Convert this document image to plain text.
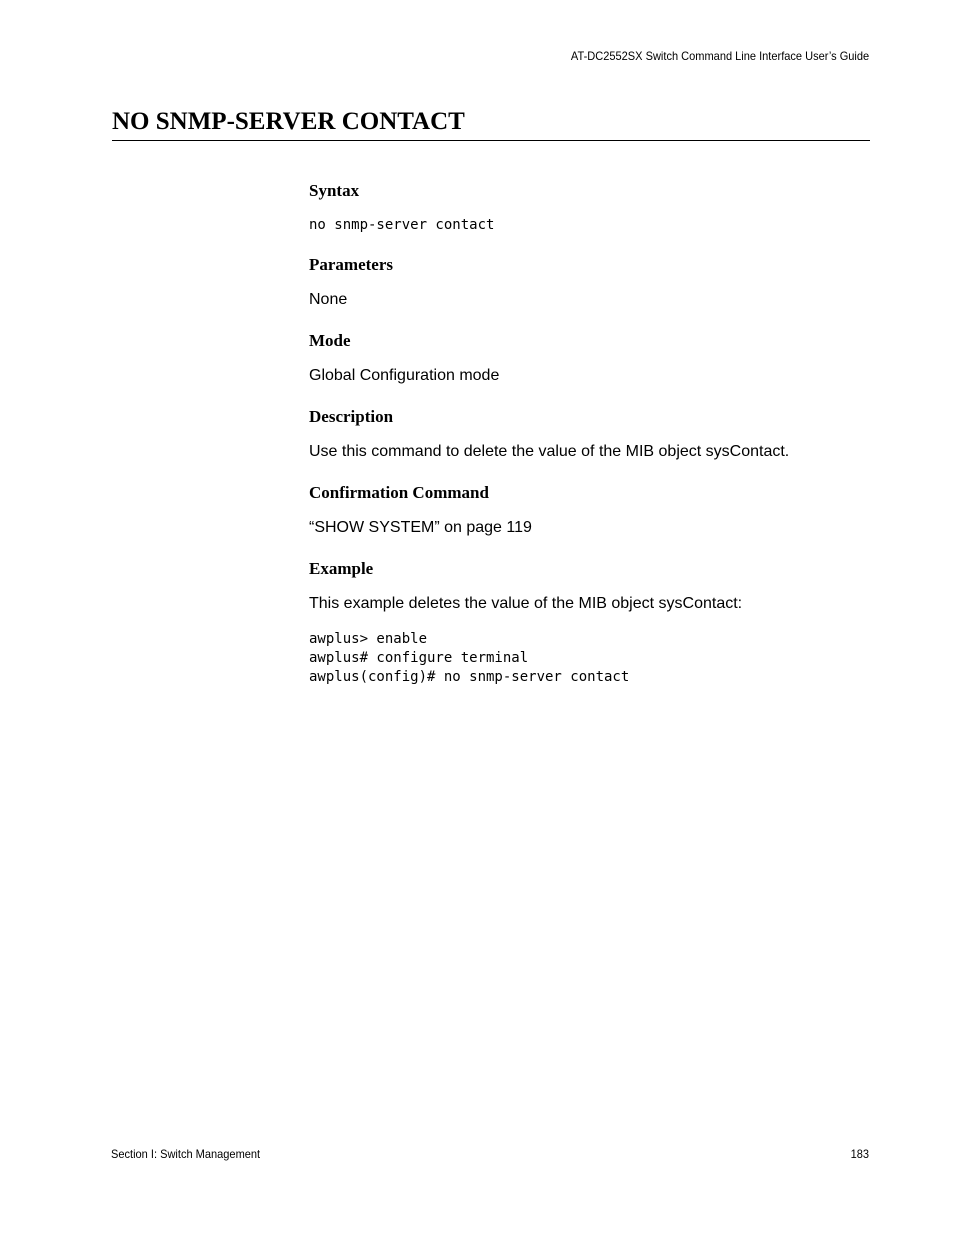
AT-DC2552SX Switch Command Line Interface User’s Guide
NO SNMP-SERVER CONTACT
Syntax
no snmp-server contact
Parameters
None
Mode
Global Configuration mode
Description
Use this command to delete the value of the MIB object sysContact.
Confirmation Command
“SHOW SYSTEM” on page 119
Example
This example deletes the value of the MIB object sysContact:
awplus> enable
awplus# configure terminal
awplus(config)# no snmp-server contact
Section I: Switch Management	183
